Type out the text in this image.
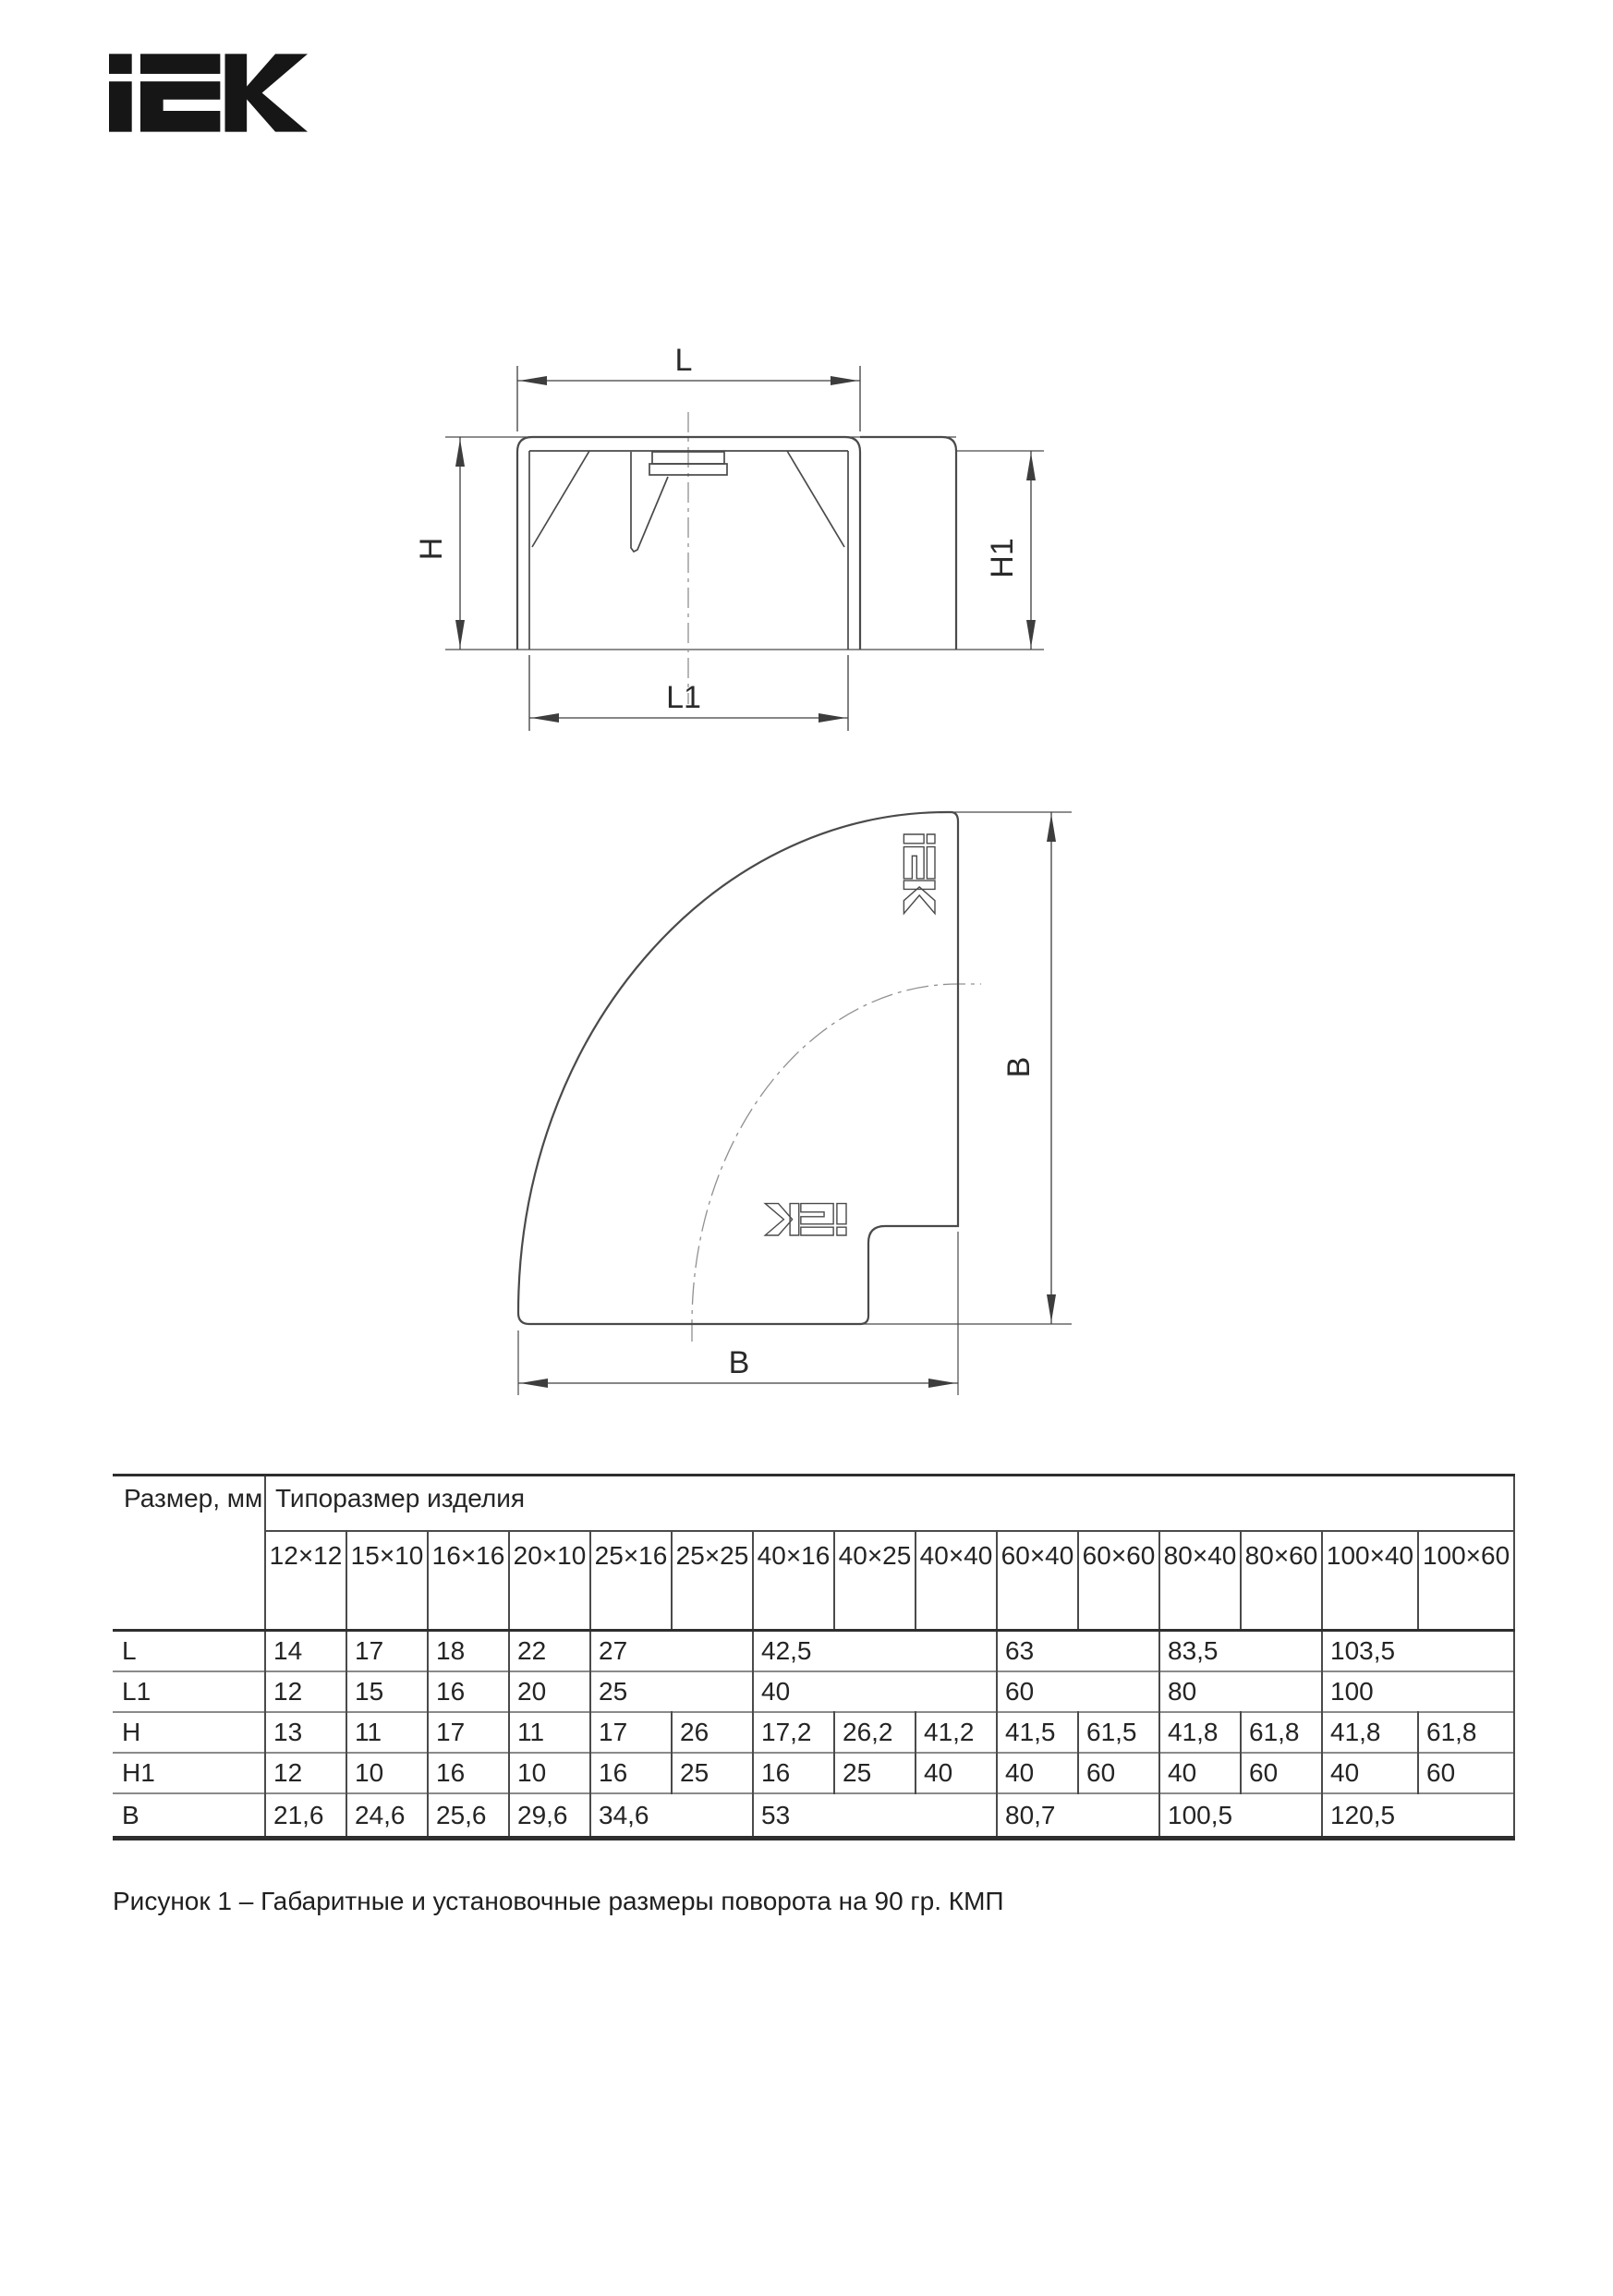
L
L1
H	H1
B
B
Размер, мм	Типоразмер изделия														
	12×12	15×10	16×16	20×10	25×16	25×25	40×16	40×25	40×40	60×40	60×60	80×40	80×60	100×40	100×60
L	14	17	18	22	27		42,5			63		83,5		103,5	
L1	12	15	16	20	25		40			60		80		100	
H	13	11	17	11	17	26	17,2	26,2	41,2	41,5	61,5	41,8	61,8	41,8	61,8
H1	12	10	16	10	16	25	16	25	40	40	60	40	60	40	60
B	21,6	24,6	25,6	29,6	34,6		53			80,7		100,5		120,5	
Рисунок 1 – Габаритные и установочные размеры поворота на 90 гр. КМП
